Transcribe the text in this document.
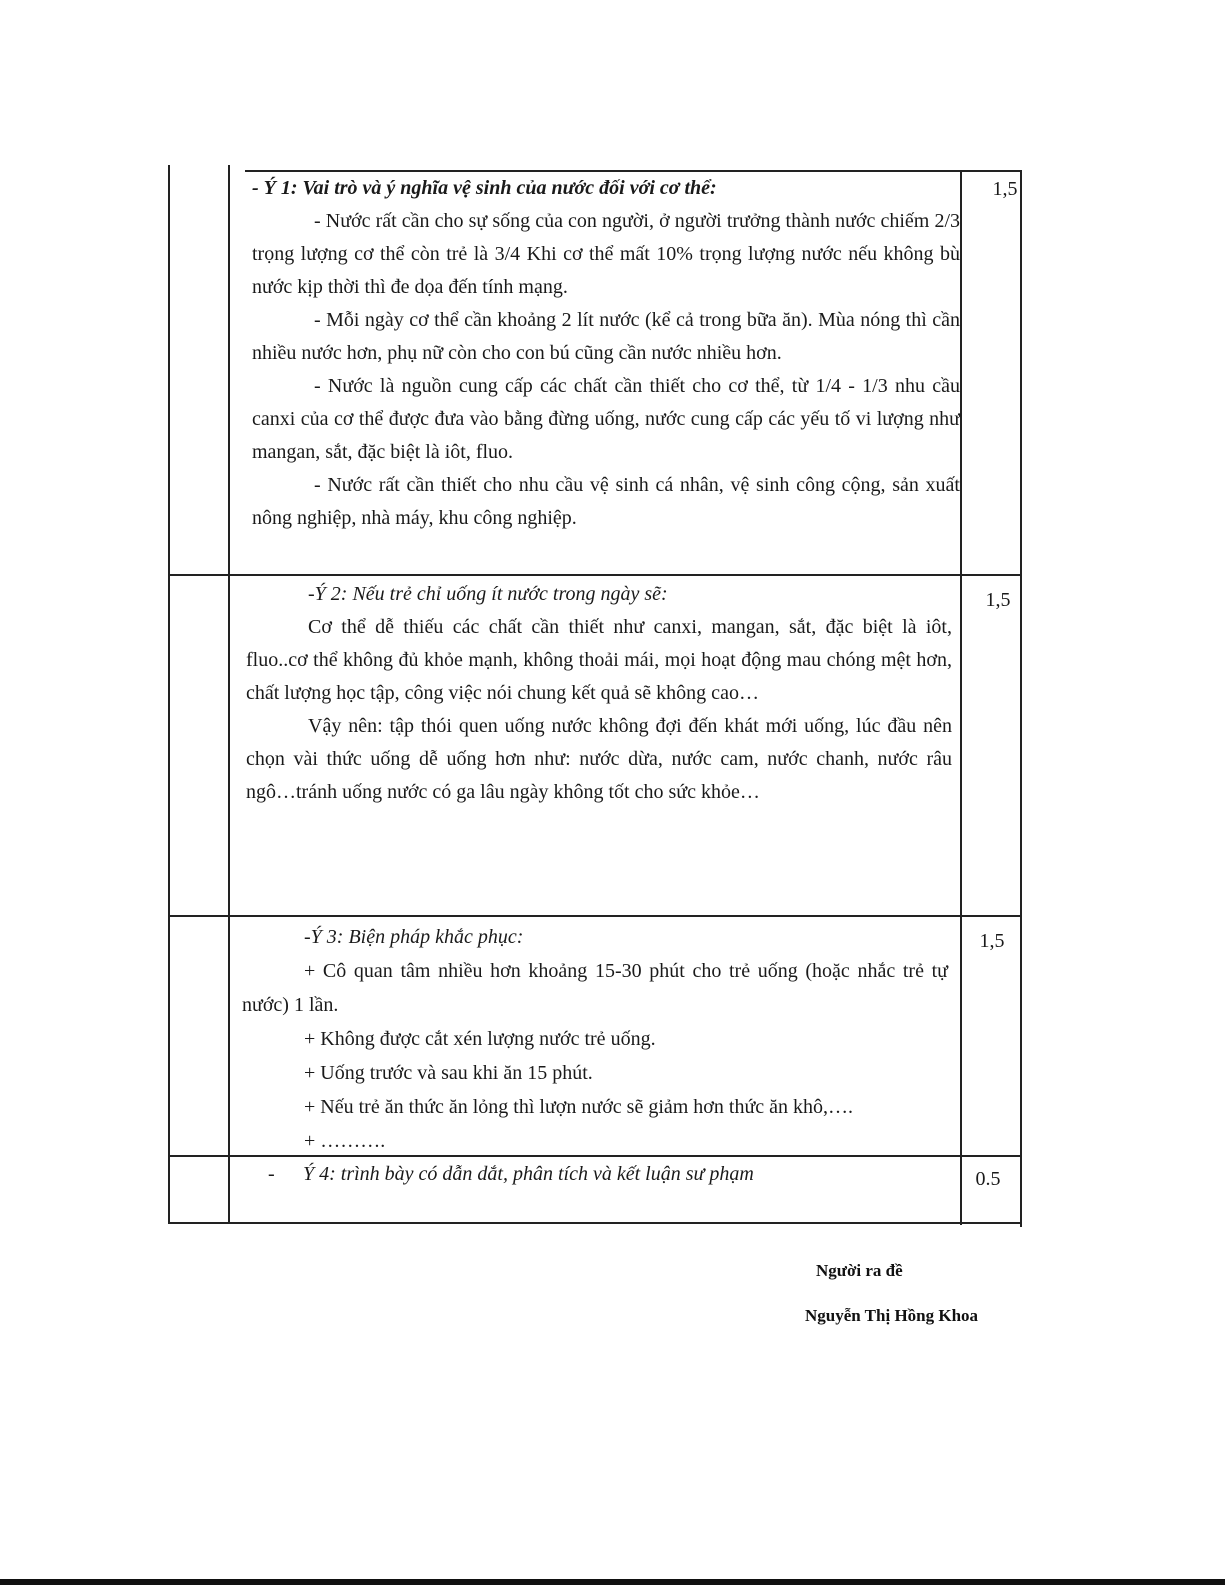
- Ý 1: Vai trò và ý nghĩa vệ sinh của nước đối với cơ thể:

- Nước rất cần cho sự sống của con người, ở người trưởng thành nước chiếm 2/3 trọng lượng cơ thể còn trẻ là 3/4 Khi cơ thể mất 10% trọng lượng nước nếu không bù nước kịp thời thì đe dọa đến tính mạng.

- Mỗi ngày cơ thể cần khoảng 2 lít nước (kể cả trong bữa ăn). Mùa nóng thì cần nhiều nước hơn, phụ nữ còn cho con bú cũng cần nước nhiều hơn.

- Nước là nguồn cung cấp các chất cần thiết cho cơ thể, từ 1/4 - 1/3 nhu cầu canxi của cơ thể được đưa vào bằng đừng uống, nước cung cấp các yếu tố vi lượng như mangan, sắt, đặc biệt là iôt, fluo.

- Nước rất cần thiết cho nhu cầu vệ sinh cá nhân, vệ sinh công cộng, sản xuất nông nghiệp, nhà máy, khu công nghiệp.

1,5

-Ý 2: Nếu trẻ chỉ uống ít nước trong ngày sẽ:

Cơ thể dễ thiếu các chất cần thiết như canxi, mangan, sắt, đặc biệt là iôt, fluo..cơ thể không đủ khỏe mạnh, không thoải mái, mọi hoạt động mau chóng mệt hơn, chất lượng học tập, công việc nói chung kết quả sẽ không cao…

Vậy nên: tập thói quen uống nước không đợi đến khát mới uống, lúc đầu nên chọn vài thức uống dễ uống hơn như: nước dừa, nước cam, nước chanh, nước râu ngô…tránh uống nước có ga lâu ngày không tốt cho sức khỏe…

1,5

-Ý 3: Biện pháp khắc phục:

+ Cô quan tâm nhiều hơn khoảng 15-30 phút cho trẻ uống (hoặc nhắc trẻ tự nước) 1 lần.

+ Không được cắt xén lượng nước trẻ uống.

+ Uống trước và sau khi ăn 15 phút.

+ Nếu trẻ ăn thức ăn lỏng thì lượn nước sẽ giảm hơn thức ăn khô,….

+ ……….

1,5
- Ý 4: trình bày có dẫn dắt, phân tích và kết luận sư phạm	0.5
Người ra đề
Nguyễn Thị Hồng Khoa
